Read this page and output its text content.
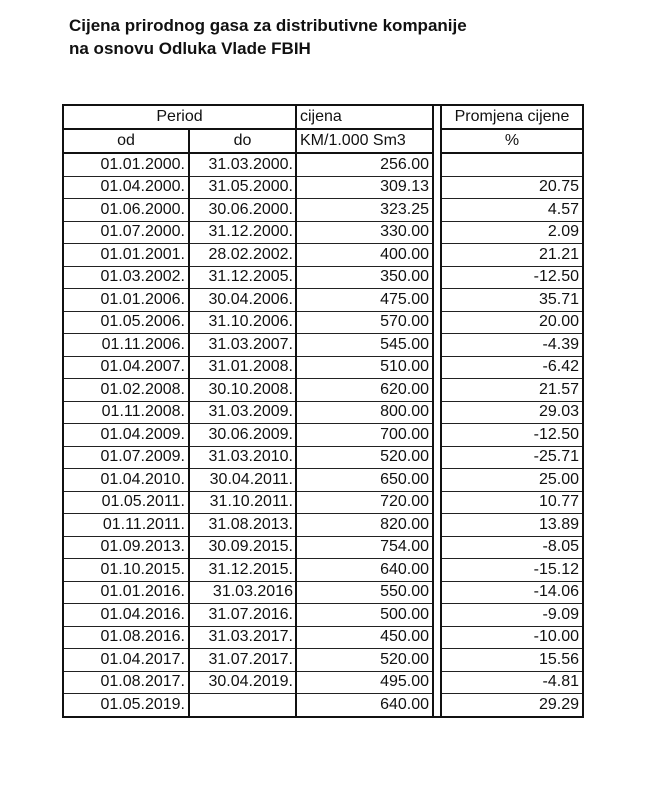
Cijena prirodnog gasa za distributivne kompanije
na osnovu Odluka Vlade FBIH
Period		cijena		Promjena cijene
od	do	KM/1.000 Sm3		%
01.01.2000.	31.03.2000.	256.00		
01.04.2000.	31.05.2000.	309.13		20.75
01.06.2000.	30.06.2000.	323.25		4.57
01.07.2000.	31.12.2000.	330.00		2.09
01.01.2001.	28.02.2002.	400.00		21.21
01.03.2002.	31.12.2005.	350.00		-12.50
01.01.2006.	30.04.2006.	475.00		35.71
01.05.2006.	31.10.2006.	570.00		20.00
01.11.2006.	31.03.2007.	545.00		-4.39
01.04.2007.	31.01.2008.	510.00		-6.42
01.02.2008.	30.10.2008.	620.00		21.57
01.11.2008.	31.03.2009.	800.00		29.03
01.04.2009.	30.06.2009.	700.00		-12.50
01.07.2009.	31.03.2010.	520.00		-25.71
01.04.2010.	30.04.2011.	650.00		25.00
01.05.2011.	31.10.2011.	720.00		10.77
01.11.2011.	31.08.2013.	820.00		13.89
01.09.2013.	30.09.2015.	754.00		-8.05
01.10.2015.	31.12.2015.	640.00		-15.12
01.01.2016.	31.03.2016	550.00		-14.06
01.04.2016.	31.07.2016.	500.00		-9.09
01.08.2016.	31.03.2017.	450.00		-10.00
01.04.2017.	31.07.2017.	520.00		15.56
01.08.2017.	30.04.2019.	495.00		-4.81
01.05.2019.		640.00		29.29
